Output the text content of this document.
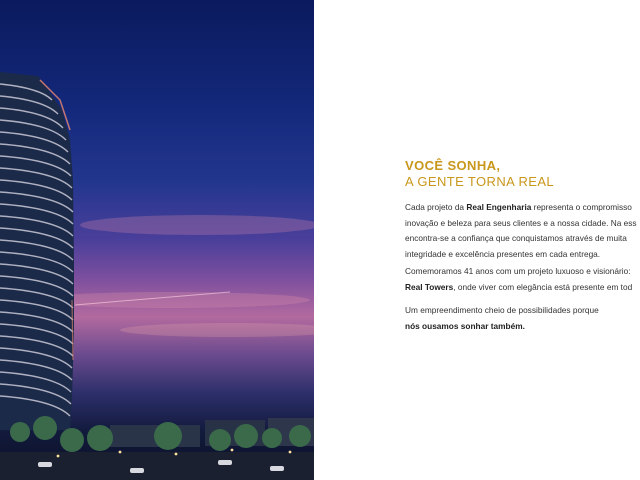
VOCÊ SONHA,
A GENTE TORNA REAL
Cada projeto da Real Engenharia representa o compromisso
inovação e beleza para seus clientes e a nossa cidade. Na ess
encontra-se a confiança que conquistamos através de muita
integridade e excelência presentes em cada entrega.
Comemoramos 41 anos com um projeto luxuoso e visionário:
Real Towers, onde viver com elegância está presente em tod
Um empreendimento cheio de possibilidades porque
nós ousamos sonhar também.
